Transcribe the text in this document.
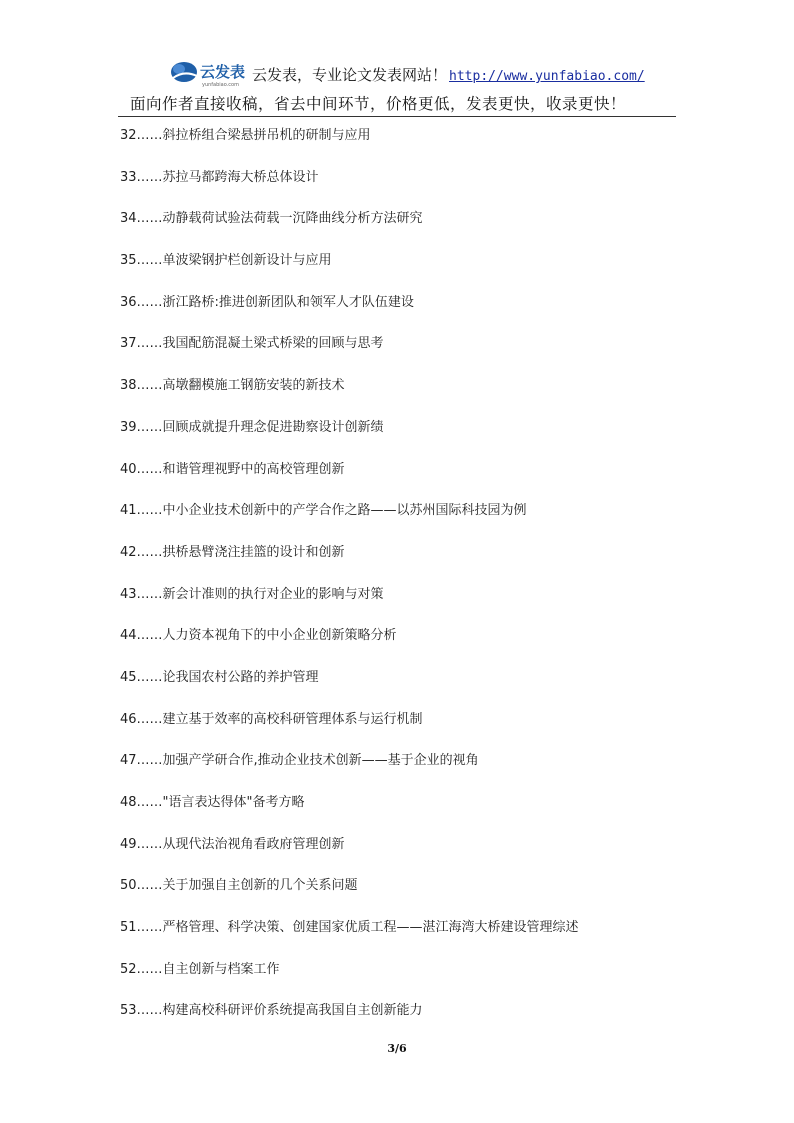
云发表
yunfabiao.com
云发表，专业论文发表网站！ http://www.yunfabiao.com/
面向作者直接收稿，省去中间环节，价格更低，发表更快，收录更快！
32……斜拉桥组合梁悬拼吊机的研制与应用
33……苏拉马都跨海大桥总体设计
34……动静载荷试验法荷载一沉降曲线分析方法研究
35……单波梁钢护栏创新设计与应用
36……浙江路桥:推进创新团队和领军人才队伍建设
37……我国配筋混凝土梁式桥梁的回顾与思考
38……高墩翻模施工钢筋安装的新技术
39……回顾成就提升理念促进勘察设计创新绩
40……和谐管理视野中的高校管理创新
41……中小企业技术创新中的产学合作之路——以苏州国际科技园为例
42……拱桥悬臂浇注挂篮的设计和创新
43……新会计准则的执行对企业的影响与对策
44……人力资本视角下的中小企业创新策略分析
45……论我国农村公路的养护管理
46……建立基于效率的高校科研管理体系与运行机制
47……加强产学研合作,推动企业技术创新——基于企业的视角
48……"语言表达得体"备考方略
49……从现代法治视角看政府管理创新
50……关于加强自主创新的几个关系问题
51……严格管理、科学决策、创建国家优质工程——湛江海湾大桥建设管理综述
52……自主创新与档案工作
53……构建高校科研评价系统提高我国自主创新能力
3/6
